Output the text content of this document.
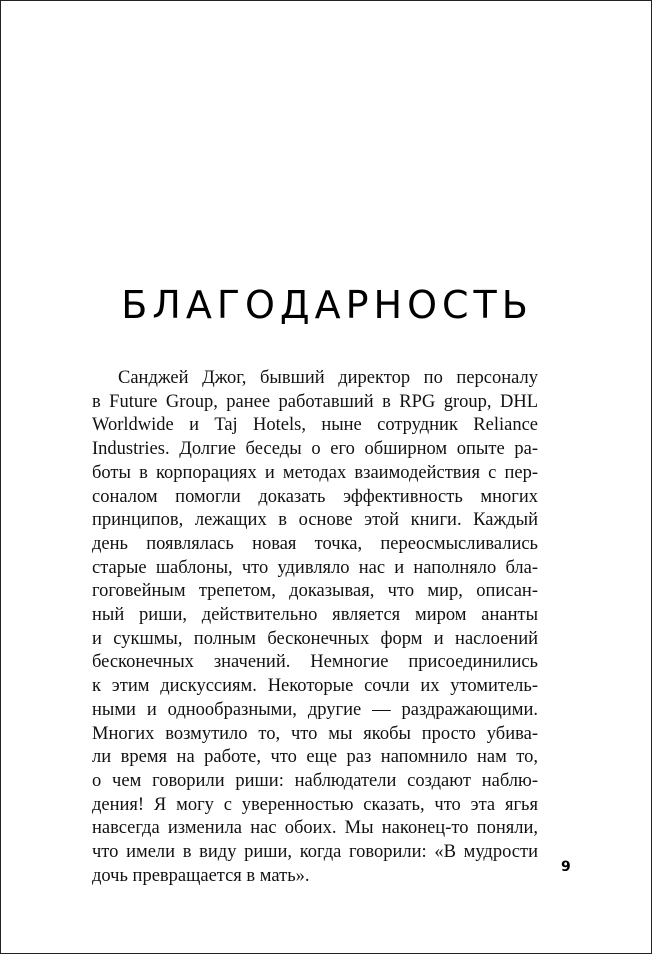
БЛАГОДАРНОСТЬ
Санджей Джог, бывший директор по персоналу
в Future Group, ранее работавший в RPG group, DHL
Worldwide и Taj Hotels, ныне сотрудник Reliance
Industries. Долгие беседы о его обширном опыте ра-
боты в корпорациях и методах взаимодействия с пер-
соналом помогли доказать эффективность многих
принципов, лежащих в основе этой книги. Каждый
день появлялась новая точка, переосмысливались
старые шаблоны, что удивляло нас и наполняло бла-
гоговейным трепетом, доказывая, что мир, описан-
ный риши, действительно является миром ананты
и сукшмы, полным бесконечных форм и наслоений
бесконечных значений. Немногие присоединились
к этим дискуссиям. Некоторые сочли их утомитель-
ными и однообразными, другие — раздражающими.
Многих возмутило то, что мы якобы просто убива-
ли время на работе, что еще раз напомнило нам то,
о чем говорили риши: наблюдатели создают наблю-
дения! Я могу с уверенностью сказать, что эта ягья
навсегда изменила нас обоих. Мы наконец-то поняли,
что имели в виду риши, когда говорили: «В мудрости
дочь превращается в мать».	9
